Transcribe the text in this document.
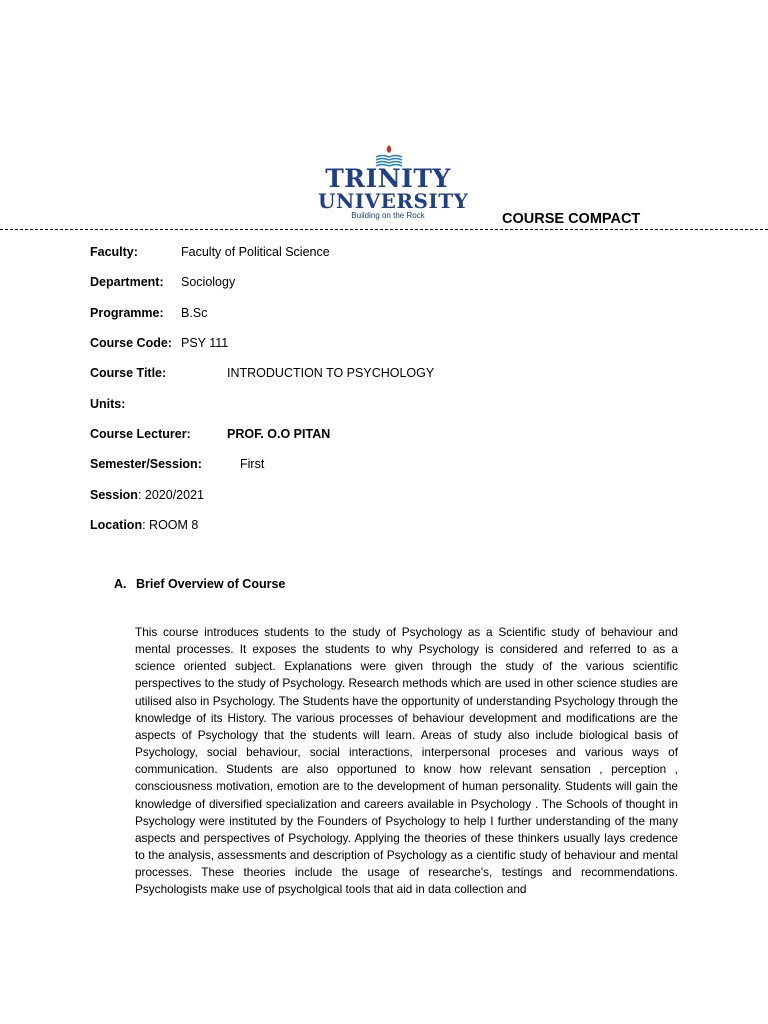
TRINITY
UNIVERSITY
Building on the Rock	COURSE COMPACT
Faculty:	Faculty of Political Science
Department: Sociology
Programme: B.Sc
Course Code: PSY 111
Course Title:	INTRODUCTION TO PSYCHOLOGY
Units:
Course Lecturer:	PROF. O.O PITAN
Semester/Session:	First
Session: 2020/2021
Location: ROOM 8
A. Brief Overview of Course
This course introduces students to the study of Psychology as a Scientific study of behaviour and mental processes. It exposes the students to why Psychology is considered and referred to as a science oriented subject. Explanations were given through the study of the various scientific perspectives to the study of Psychology. Research methods which are used in other science studies are utilised also in Psychology. The Students have the opportunity of understanding Psychology through the knowledge of its History. The various processes of behaviour development and modifications are the aspects of Psychology that the students will learn. Areas of study also include biological basis of Psychology, social behaviour, social interactions, interpersonal proceses and various ways of communication. Students are also opportuned to know how relevant sensation , perception , consciousness motivation, emotion are to the development of human personality. Students will gain the knowledge of diversified specialization and careers available in Psychology . The Schools of thought in Psychology were instituted by the Founders of Psychology to help I further understanding of the many aspects and perspectives of Psychology. Applying the theories of these thinkers usually lays credence to the analysis, assessments and description of Psychology as a cientific study of behaviour and mental processes. These theories include the usage of researche's, testings and recommendations. Psychologists make use of psycholgical tools that aid in data collection and
